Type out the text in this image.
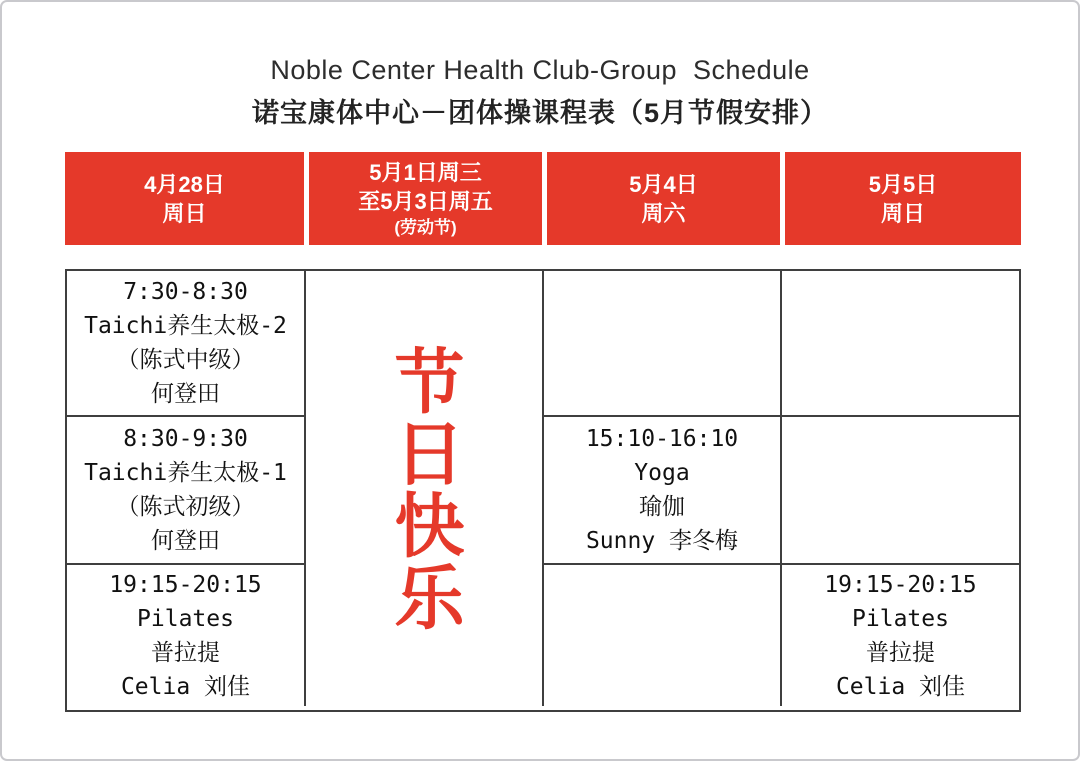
Noble Center Health Club-Group  Schedule
诺宝康体中心－团体操课程表（5月节假安排）
4月28日
周日
5月1日周三
至5月3日周五
(劳动节)
5月4日
周六
5月5日
周日
7:30-8:30
Taichi养生太极-2
（陈式中级）
何登田
8:30-9:30
Taichi养生太极-1
（陈式初级）
何登田
19:15-20:15
Pilates
普拉提
Celia 刘佳
节日快乐	15:10-16:10
Yoga
瑜伽
Sunny 李冬梅
19:15-20:15
Pilates
普拉提
Celia 刘佳
